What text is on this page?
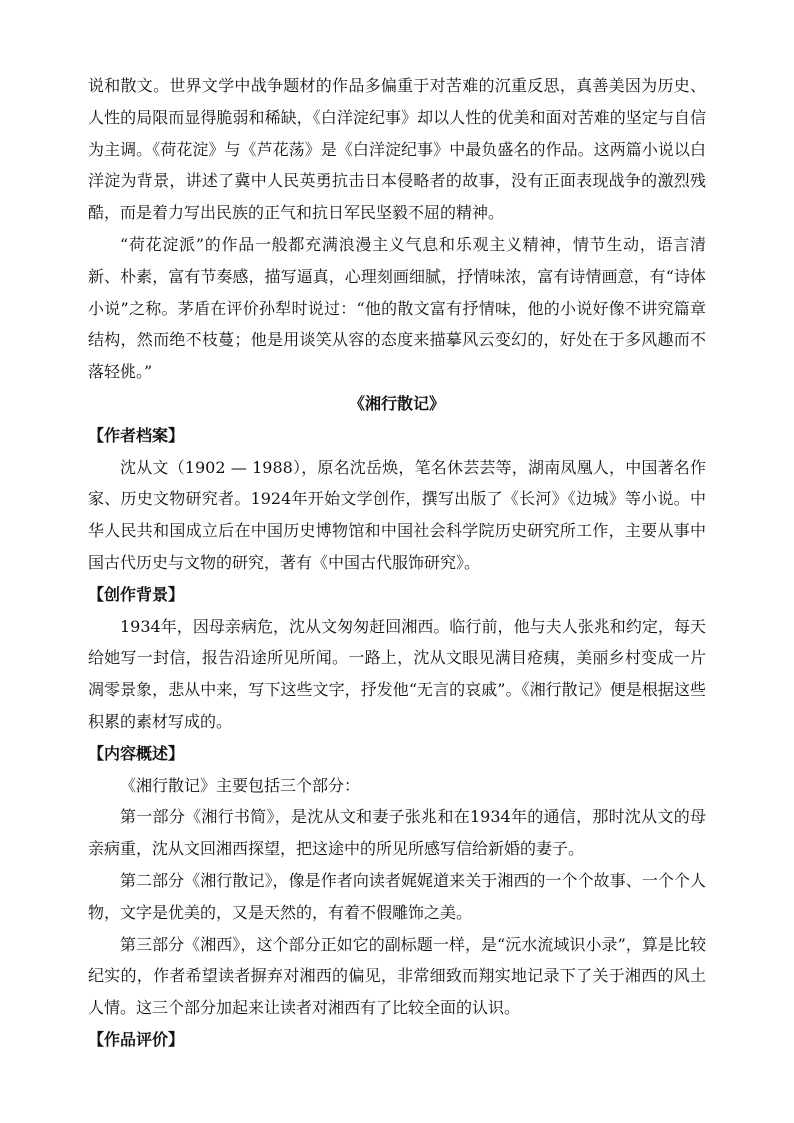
说和散文。世界文学中战争题材的作品多偏重于对苦难的沉重反思，真善美因为历史、人性的局限而显得脆弱和稀缺，《白洋淀纪事》却以人性的优美和面对苦难的坚定与自信为主调。《荷花淀》与《芦花荡》是《白洋淀纪事》中最负盛名的作品。这两篇小说以白洋淀为背景，讲述了冀中人民英勇抗击日本侵略者的故事，没有正面表现战争的激烈残酷，而是着力写出民族的正气和抗日军民坚毅不屈的精神。

“荷花淀派”的作品一般都充满浪漫主义气息和乐观主义精神，情节生动，语言清新、朴素，富有节奏感，描写逼真，心理刻画细腻，抒情味浓，富有诗情画意，有“诗体小说”之称。茅盾在评价孙犁时说过：“他的散文富有抒情味，他的小说好像不讲究篇章结构，然而绝不枝蔓；他是用谈笑从容的态度来描摹风云变幻的，好处在于多风趣而不落轻佻。”

《湘行散记》
【作者档案】

沈从文（1902 — 1988），原名沈岳焕，笔名休芸芸等，湖南凤凰人，中国著名作家、历史文物研究者。1924年开始文学创作，撰写出版了《长河》《边城》等小说。中华人民共和国成立后在中国历史博物馆和中国社会科学院历史研究所工作，主要从事中国古代历史与文物的研究，著有《中国古代服饰研究》。

【创作背景】

1934年，因母亲病危，沈从文匆匆赶回湘西。临行前，他与夫人张兆和约定，每天给她写一封信，报告沿途所见所闻。一路上，沈从文眼见满目疮痍，美丽乡村变成一片凋零景象，悲从中来，写下这些文字，抒发他“无言的哀戚”。《湘行散记》便是根据这些积累的素材写成的。

【内容概述】

《湘行散记》主要包括三个部分：

第一部分《湘行书简》，是沈从文和妻子张兆和在1934年的通信，那时沈从文的母亲病重，沈从文回湘西探望，把这途中的所见所感写信给新婚的妻子。

第二部分《湘行散记》，像是作者向读者娓娓道来关于湘西的一个个故事、一个个人物，文字是优美的，又是天然的，有着不假雕饰之美。

第三部分《湘西》，这个部分正如它的副标题一样，是“沅水流域识小录”，算是比较纪实的，作者希望读者摒弃对湘西的偏见，非常细致而翔实地记录下了关于湘西的风土人情。这三个部分加起来让读者对湘西有了比较全面的认识。

【作品评价】
